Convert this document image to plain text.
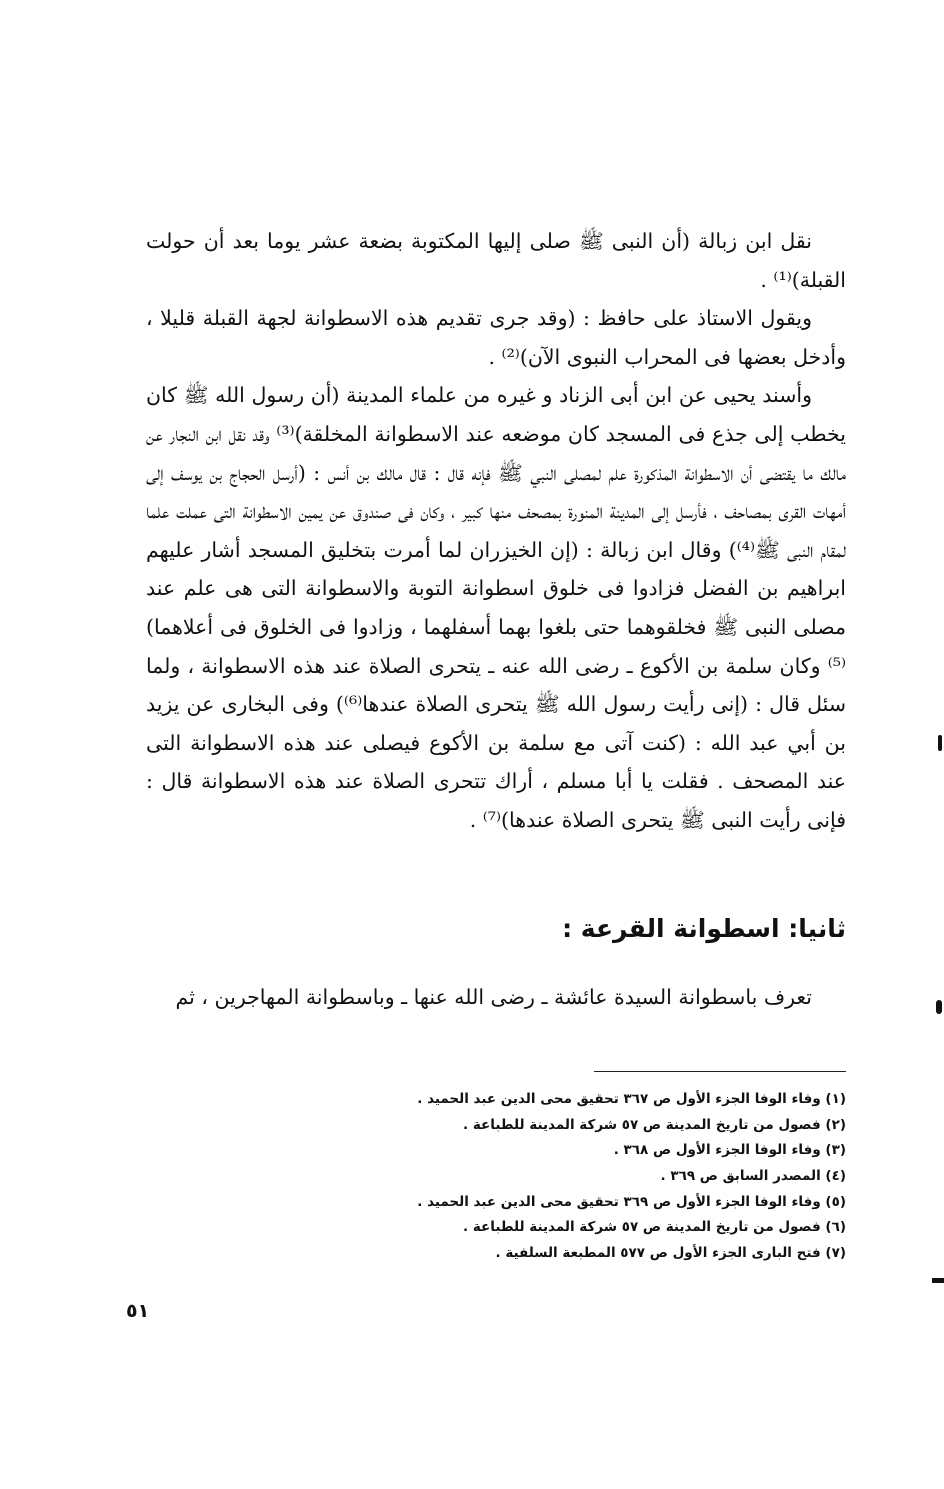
نقل ابن زبالة (أن النبى ﷺ صلى إليها المكتوبة بضعة عشر يوما بعد أن حولت القبلة)⁽¹⁾ .

ويقول الاستاذ على حافظ : (وقد جرى تقديم هذه الاسطوانة لجهة القبلة قليلا ، وأدخل بعضها فى المحراب النبوى الآن)⁽²⁾ .

وأسند يحيى عن ابن أبى الزناد و غيره من علماء المدينة (أن رسول الله ﷺ كان يخطب إلى جذع فى المسجد كان موضعه عند الاسطوانة المخلقة)⁽³⁾ وقد نقل ابن النجار عن مالك ما يقتضى أن الاسطوانة المذكورة علم لمصلى النبي ﷺ فإنه قال : قال مالك بن أنس : (أرسل الحجاج بن يوسف إلى أمهات القرى بمصاحف ، فأرسل إلى المدينة المنورة بمصحف منها كبير ، وكان فى صندوق عن يمين الاسطوانة التى عملت علما لمقام النبى ﷺ⁽⁴⁾) وقال ابن زبالة : (إن الخيزران لما أمرت بتخليق المسجد أشار عليهم ابراهيم بن الفضل فزادوا فى خلوق اسطوانة التوبة والاسطوانة التى هى علم عند مصلى النبى ﷺ فخلقوهما حتى بلغوا بهما أسفلهما ، وزادوا فى الخلوق فى أعلاهما)⁽⁵⁾ وكان سلمة بن الأكوع ـ رضى الله عنه ـ يتحرى الصلاة عند هذه الاسطوانة ، ولما سئل قال : (إنى رأيت رسول الله ﷺ يتحرى الصلاة عندها⁽⁶⁾) وفى البخارى عن يزيد بن أبي عبد الله : (كنت آتى مع سلمة بن الأكوع فيصلى عند هذه الاسطوانة التى عند المصحف . فقلت يا أبا مسلم ، أراك تتحرى الصلاة عند هذه الاسطوانة قال : فإنى رأيت النبى ﷺ يتحرى الصلاة عندها)⁽⁷⁾ .

ثانيا: اسطوانة القرعة :
تعرف باسطوانة السيدة عائشة ـ رضى الله عنها ـ وباسطوانة المهاجرين ، ثم
(١) وفاء الوفا الجزء الأول ص ٣٦٧ تحقيق محى الدين عبد الحميد .
(٢) فصول من تاريخ المدينة ص ٥٧ شركة المدينة للطباعة .
(٣) وفاء الوفا الجزء الأول ص ٣٦٨ .
(٤) المصدر السابق ص ٣٦٩ .
(٥) وفاء الوفا الجزء الأول ص ٣٦٩ تحقيق محى الدين عبد الحميد .
(٦) فصول من تاريخ المدينة ص ٥٧ شركة المدينة للطباعة .
(٧) فتح البارى الجزء الأول ص ٥٧٧ المطبعة السلفية .
٥١
